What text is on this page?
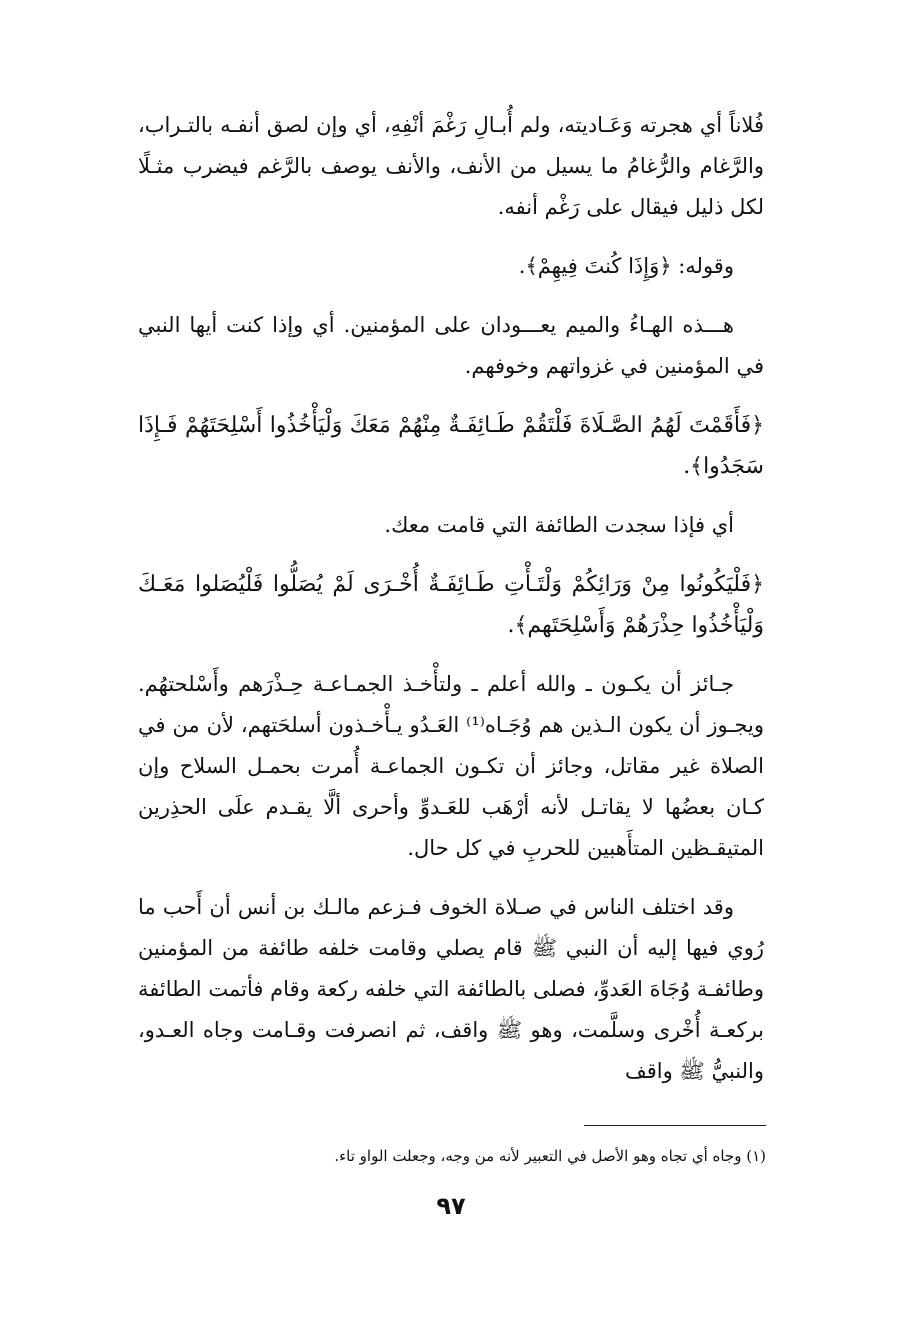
فُلاناً أي هجرته وَعَـاديته، ولم أُبـالِ رَغْمَ أنْفِهِ، أي وإن لصق أنفـه بالتـراب، والرَّغام والرُّغامُ ما يسيل من الأنف، والأنف يوصف بالرَّغم فيضرب مثـلًا لكل ذليل فيقال على رَغْم أنفه.

وقوله: ﴿وَإِذَا كُنتَ فِيهِمْ﴾.

هـــذه الهـاءُ والميم يعـــودان على المؤمنين. أي وإذا كنت أيها النبي في المؤمنين في غزواتهم وخوفهم.

﴿فَأَقَمْتَ لَهُمُ الصَّـلَاةَ فَلْتَقُمْ طَـائِفَـةٌ مِنْهُمْ مَعَكَ وَلْيَأْخُذُوا أَسْلِحَتَهُمْ فَـإِذَا سَجَدُوا﴾.

أي فإذا سجدت الطائفة التي قامت معك.

﴿فَلْيَكُونُوا مِنْ وَرَائِكُمْ وَلْتَـأْتِ طَـائِفَـةٌ أُخْـرَى لَمْ يُصَلُّوا فَلْيُصَلوا مَعَـكَ وَلْيَأْخُذُوا حِذْرَهُمْ وَأَسْلِحَتَهم﴾.

جـائز أن يكـون ـ والله أعلم ـ ولتأْخـذ الجمـاعـة حِـذْرَهم وأَسْلحتهُم. ويجـوز أن يكون الـذين هم وُجَـاه⁽¹⁾ العَـدُو يـأْخـذون أسلحَتهم، لأن من في الصلاة غير مقاتل، وجائز أن تكـون الجماعـة أُمرت بحمـل السلاح وإن كـان بعضُها لا يقاتـل لأنه أرْهَب للعَـدوِّ وأحرى ألَّا يقـدم علَى الحذِرين المتيقـظين المتأَهبين للحربِ في كل حال.

وقد اختلف الناس في صـلاة الخوف فـزعم مالـك بن أنس أن أَحب ما رُوي فيها إليه أن النبي ﷺ قام يصلي وقامت خلفه طائفة من المؤمنين وطائفـة وُجَاهَ العَدوِّ، فصلى بالطائفة التي خلفه ركعة وقام فأتمت الطائفة بركعـة أُخْرى وسلَّمت، وهو ﷺ واقف، ثم انصرفت وقـامت وجاه العـدو، والنبيُّ ﷺ واقف

(١) وجاه أي تجاه وهو الأصل في التعبير لأنه من وجه، وجعلت الواو تاء.

٩٧
